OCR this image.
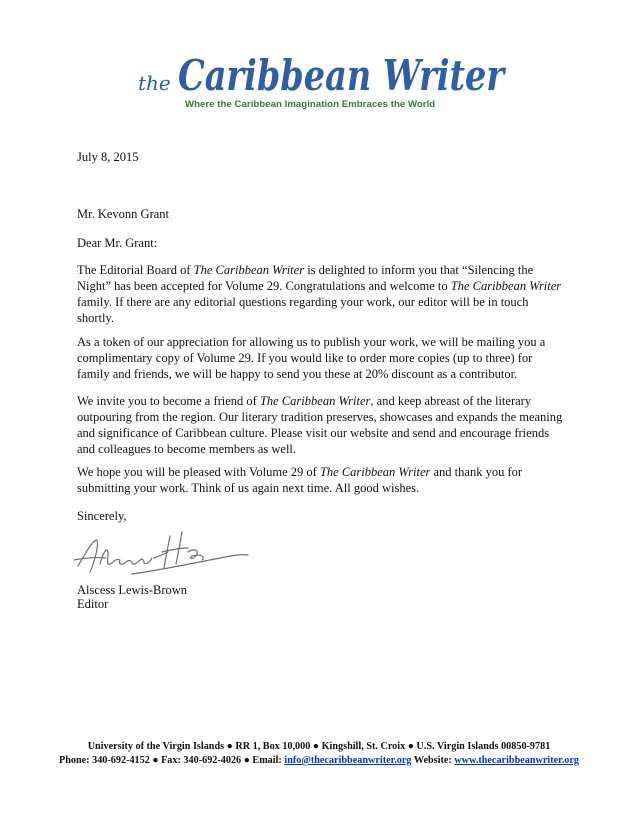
the Caribbean Writer
Where the Caribbean Imagination Embraces the World
July 8, 2015
Mr. Kevonn Grant
Dear Mr. Grant:
The Editorial Board of The Caribbean Writer is delighted to inform you that “Silencing the Night” has been accepted for Volume 29. Congratulations and welcome to The Caribbean Writer family. If there are any editorial questions regarding your work, our editor will be in touch shortly.
As a token of our appreciation for allowing us to publish your work, we will be mailing you a complimentary copy of Volume 29. If you would like to order more copies (up to three) for family and friends, we will be happy to send you these at 20% discount as a contributor.
We invite you to become a friend of The Caribbean Writer, and keep abreast of the literary outpouring from the region. Our literary tradition preserves, showcases and expands the meaning and significance of Caribbean culture. Please visit our website and send and encourage friends and colleagues to become members as well.
We hope you will be pleased with Volume 29 of The Caribbean Writer and thank you for submitting your work. Think of us again next time. All good wishes.
Sincerely,
Alscess Lewis-Brown
Editor
University of the Virgin Islands ● RR 1, Box 10,000 ● Kingshill, St. Croix ● U.S. Virgin Islands 00850-9781
Phone: 340-692-4152 ● Fax: 340-692-4026 ● Email: info@thecaribbeanwriter.org Website: www.thecaribbeanwriter.org
